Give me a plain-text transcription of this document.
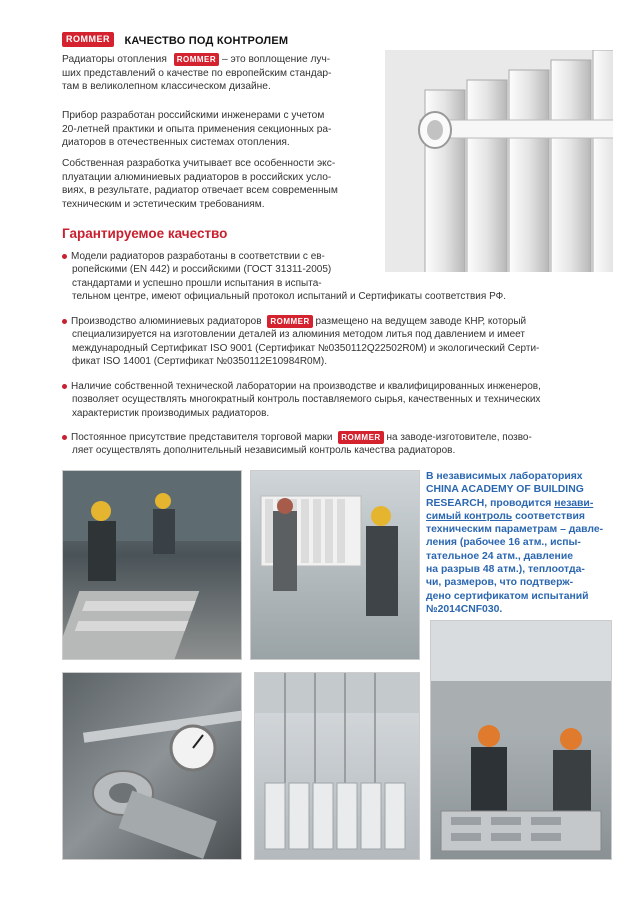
ROMMER КАЧЕСТВО ПОД КОНТРОЛЕМ
Радиаторы отопления ROMMER – это воплощение луч-
ших представлений о качестве по европейским стандар-
там в великолепном классическом дизайне.
Прибор разработан российскими инженерами с учетом
20-летней практики и опыта применения секционных ра-
диаторов в отечественных системах отопления.
Собственная разработка учитывает все особенности экс-
плуатации алюминиевых радиаторов в российских усло-
виях, в результате, радиатор отвечает всем современным
техническим и эстетическим требованиям.
Гарантируемое качество
Модели радиаторов разработаны в соответствии с ев-
ропейскими (EN 442) и российскими (ГОСТ 31311-2005)
стандартами и успешно прошли испытания в испыта-
тельном центре, имеют официальный протокол испытаний и Сертификаты соответствия РФ.
Производство алюминиевых радиаторов ROMMER размещено на ведущем заводе КНР, который
специализируется на изготовлении деталей из алюминия методом литья под давлением и имеет
международный Сертификат ISO 9001 (Сертификат №0350112Q22502R0M) и экологический Серти-
фикат ISO 14001 (Сертификат №0350112E10984R0M).
Наличие собственной технической лаборатории на производстве и квалифицированных инженеров,
позволяет осуществлять многократный контроль поставляемого сырья, качественных и технических
характеристик производимых радиаторов.
Постоянное присутствие представителя торговой марки ROMMER на заводе-изготовителе, позво-
ляет осуществлять дополнительный независимый контроль качества радиаторов.
В независимых лабораториях
CHINA ACADEMY OF BUILDING
RESEARCH, проводится незави-
симый контроль соответствия
техническим параметрам – давле-
ления (рабочее 16 атм., испы-
тательное 24 атм., давление
на разрыв 48 атм.), теплоотда-
чи, размеров, что подтверж-
дено сертификатом испытаний
№2014CNF030.
